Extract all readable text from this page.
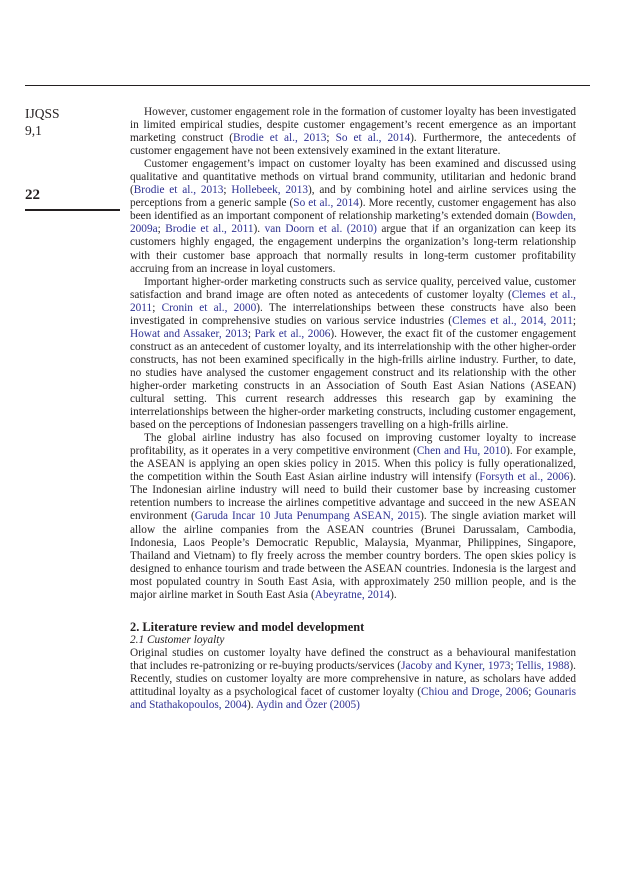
IJQSS
9,1
22

However, customer engagement role in the formation of customer loyalty has been investigated in limited empirical studies, despite customer engagement’s recent emergence as an important marketing construct (Brodie et al., 2013; So et al., 2014). Furthermore, the antecedents of customer engagement have not been extensively examined in the extant literature.

Customer engagement’s impact on customer loyalty has been examined and discussed using qualitative and quantitative methods on virtual brand community, utilitarian and hedonic brand (Brodie et al., 2013; Hollebeek, 2013), and by combining hotel and airline services using the perceptions from a generic sample (So et al., 2014). More recently, customer engagement has also been identified as an important component of relationship marketing’s extended domain (Bowden, 2009a; Brodie et al., 2011). van Doorn et al. (2010) argue that if an organization can keep its customers highly engaged, the engagement underpins the organization’s long-term relationship with their customer base approach that normally results in long-term customer profitability accruing from an increase in loyal customers.

Important higher-order marketing constructs such as service quality, perceived value, customer satisfaction and brand image are often noted as antecedents of customer loyalty (Clemes et al., 2011; Cronin et al., 2000). The interrelationships between these constructs have also been investigated in comprehensive studies on various service industries (Clemes et al., 2014, 2011; Howat and Assaker, 2013; Park et al., 2006). However, the exact fit of the customer engagement construct as an antecedent of customer loyalty, and its interrelationship with the other higher-order constructs, has not been examined specifically in the high-frills airline industry. Further, to date, no studies have analysed the customer engagement construct and its relationship with the other higher-order marketing constructs in an Association of South East Asian Nations (ASEAN) cultural setting. This current research addresses this research gap by examining the interrelationships between the higher-order marketing constructs, including customer engagement, based on the perceptions of Indonesian passengers travelling on a high-frills airline.

The global airline industry has also focused on improving customer loyalty to increase profitability, as it operates in a very competitive environment (Chen and Hu, 2010). For example, the ASEAN is applying an open skies policy in 2015. When this policy is fully operationalized, the competition within the South East Asian airline industry will intensify (Forsyth et al., 2006). The Indonesian airline industry will need to build their customer base by increasing customer retention numbers to increase the airlines competitive advantage and succeed in the new ASEAN environment (Garuda Incar 10 Juta Penumpang ASEAN, 2015). The single aviation market will allow the airline companies from the ASEAN countries (Brunei Darussalam, Cambodia, Indonesia, Laos People’s Democratic Republic, Malaysia, Myanmar, Philippines, Singapore, Thailand and Vietnam) to fly freely across the member country borders. The open skies policy is designed to enhance tourism and trade between the ASEAN countries. Indonesia is the largest and most populated country in South East Asia, with approximately 250 million people, and is the major airline market in South East Asia (Abeyratne, 2014).

2. Literature review and model development
2.1 Customer loyalty

Original studies on customer loyalty have defined the construct as a behavioural manifestation that includes re-patronizing or re-buying products/services (Jacoby and Kyner, 1973; Tellis, 1988). Recently, studies on customer loyalty are more comprehensive in nature, as scholars have added attitudinal loyalty as a psychological facet of customer loyalty (Chiou and Droge, 2006; Gounaris and Stathakopoulos, 2004). Aydin and Özer (2005)
